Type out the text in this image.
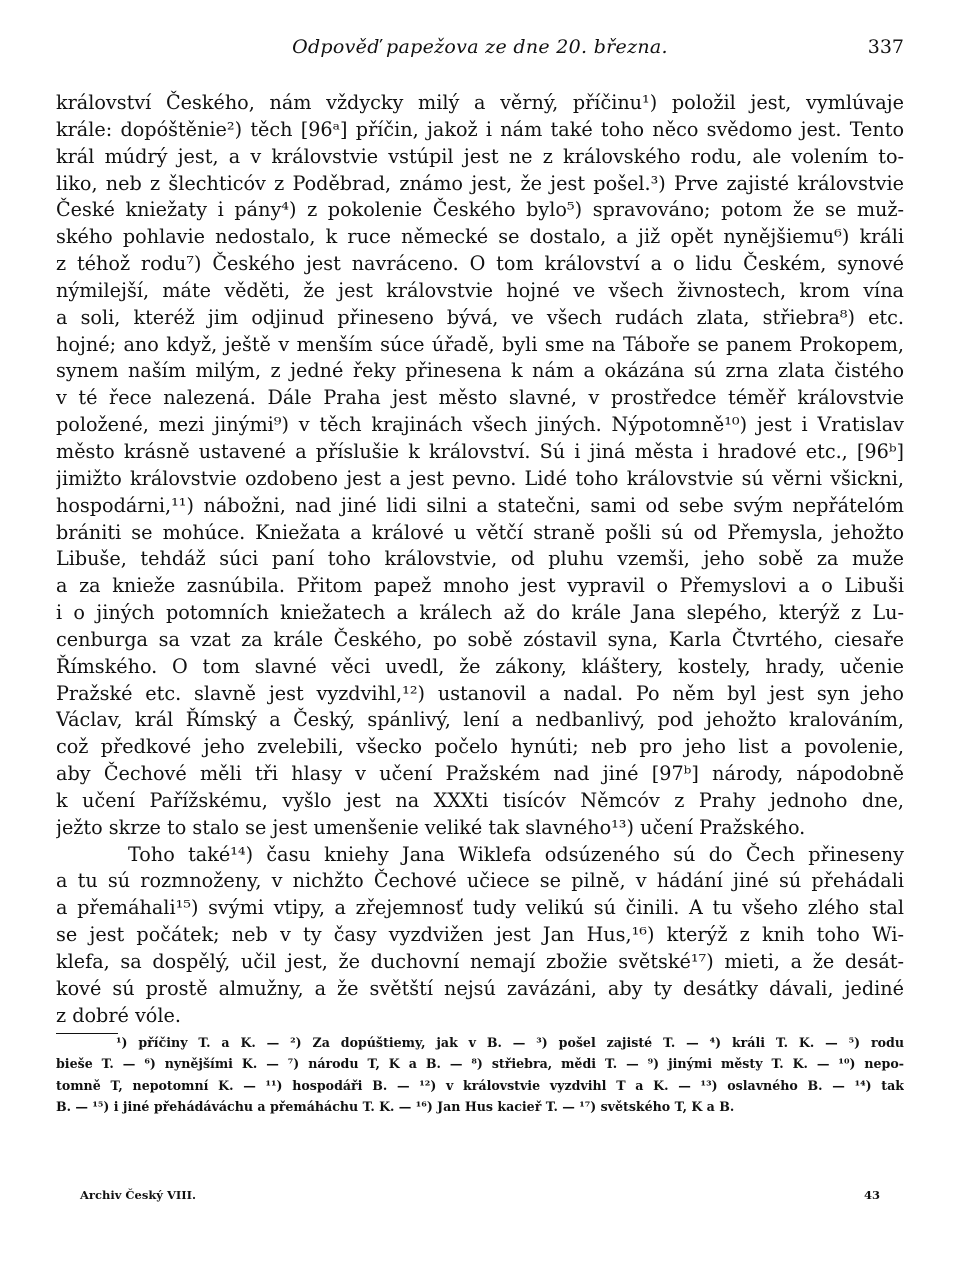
Odpověď papežova ze dne 20. března.	337
království Českého, nám vždycky milý a věrný, příčinu¹) položil jest, vymlúvaje
krále: dopóštěnie²) těch [96ᵃ] příčin, jakož i nám také toho něco svědomo jest. Tento
král múdrý jest, a v královstvie vstúpil jest ne z královského rodu, ale volením to-
liko, neb z šlechticóv z Poděbrad, známo jest, že jest pošel.³) Prve zajisté královstvie
České kniežaty i pány⁴) z pokolenie Českého bylo⁵) spravováno; potom že se muž-
ského pohlavie nedostalo, k ruce německé se dostalo, a již opět nynějšiemu⁶) králi
z téhož rodu⁷) Českého jest navráceno. O tom království a o lidu Českém, synové
nýmilejší, máte věděti, že jest královstvie hojné ve všech živnostech, krom vína
a soli, kteréž jim odjinud přineseno bývá, ve všech rudách zlata, střiebra⁸) etc.
hojné; ano když, ještě v menším súce úřadě, byli sme na Táboře se panem Prokopem,
synem naším milým, z jedné řeky přinesena k nám a okázána sú zrna zlata čistého
v té řece nalezená. Dále Praha jest město slavné, v prostředce téměř královstvie
položené, mezi jinými⁹) v těch krajinách všech jiných. Nýpotomně¹⁰) jest i Vratislav
město krásně ustavené a příslušie k království. Sú i jiná města i hradové etc., [96ᵇ]
jimižto královstvie ozdobeno jest a jest pevno. Lidé toho královstvie sú věrni všickni,
hospodárni,¹¹) nábožni, nad jiné lidi silni a statečni, sami od sebe svým nepřátelóm
brániti se mohúce. Kniežata a králové u větčí straně pošli sú od Přemysla, jehožto
Libuše, tehdáž súci paní toho královstvie, od pluhu vzemši, jeho sobě za muže
a za knieže zasnúbila. Přitom papež mnoho jest vypravil o Přemyslovi a o Libuši
i o jiných potomních kniežatech a králech až do krále Jana slepého, kterýž z Lu-
cenburga sa vzat za krále Českého, po sobě zóstavil syna, Karla Čtvrtého, ciesaře
Římského. O tom slavné věci uvedl, že zákony, kláštery, kostely, hrady, učenie
Pražské etc. slavně jest vyzdvihl,¹²) ustanovil a nadal. Po něm byl jest syn jeho
Václav, král Římský a Český, spánlivý, lení a nedbanlivý, pod jehožto kralováním,
což předkové jeho zvelebili, všecko počelo hynúti; neb pro jeho list a povolenie,
aby Čechové měli tři hlasy v učení Pražském nad jiné [97ᵇ] národy, nápodobně
k učení Pařížskému, vyšlo jest na XXXti tisícóv Němcóv z Prahy jednoho dne,
ježto skrze to stalo se jest umenšenie veliké tak slavného¹³) učení Pražského.
Toho také¹⁴) času kniehy Jana Wiklefa odsúzeného sú do Čech přineseny
a tu sú rozmnoženy, v nichžto Čechové učiece se pilně, v hádání jiné sú přehádali
a přemáhali¹⁵) svými vtipy, a zřejemnosť tudy velikú sú činili. A tu všeho zlého stal
se jest počátek; neb v ty časy vyzdvižen jest Jan Hus,¹⁶) kterýž z knih toho Wi-
klefa, sa dospělý, učil jest, že duchovní nemají zbožie světské¹⁷) mieti, a že desát-
kové sú prostě almužny, a že světští nejsú zavázáni, aby ty desátky dávali, jediné
z dobré vóle.
¹) příčiny T. a K. — ²) Za dopúštiemy, jak v B. — ³) pošel zajisté T. — ⁴) králi T. K. — ⁵) rodu
bieše T. — ⁶) nynějšími K. — ⁷) národu T, K a B. — ⁸) střiebra, mědi T. — ⁹) jinými městy T. K. — ¹⁰) nepo-
tomně T, nepotomní K. — ¹¹) hospodáři B. — ¹²) v královstvie vyzdvihl T a K. — ¹³) oslavného B. — ¹⁴) tak
B. — ¹⁵) i jiné přehádáváchu a přemáháchu T. K. — ¹⁶) Jan Hus kacieř T. — ¹⁷) světského T, K a B.
Archiv Český VIII.	43
